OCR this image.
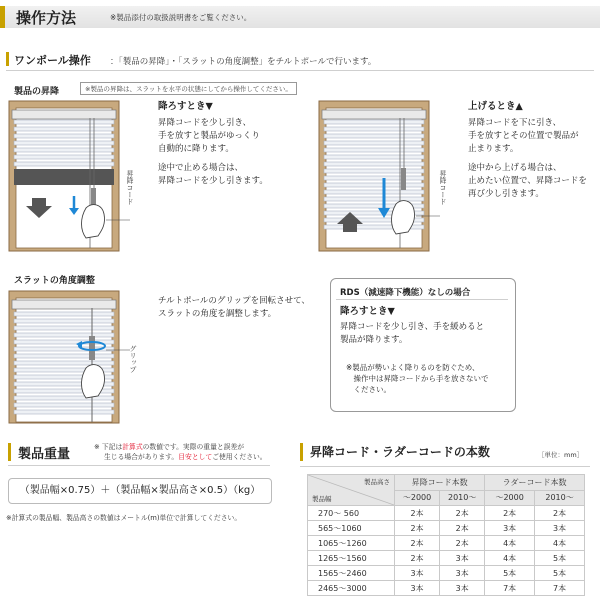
操作方法	※製品添付の取扱説明書をご覧ください。
ワンポール操作 ：「製品の昇降」・「スラットの角度調整」をチルトポールで行います。
製品の昇降	※製品の昇降は、スラットを水平の状態にしてから操作してください。
昇降コード
降ろすとき▼
昇降コードを少し引き、
手を放すと製品がゆっくり
自動的に降ります。
途中で止める場合は、
昇降コードを少し引きます。	昇降コード
上げるとき▲
昇降コードを下に引き、
手を放すとその位置で製品が
止まります。
途中から上げる場合は、
止めたい位置で、昇降コードを
再び少し引きます。
スラットの角度調整
グリップ
チルトポールのグリップを回転させて、
スラットの角度を調整します。
RDS（減速降下機能）なしの場合
降ろすとき▼
昇降コードを少し引き、手を緩めると
製品が降ります。
※製品が勢いよく降りるのを防ぐため、
　操作中は昇降コードから手を放さないで
　ください。
製品重量	※ 下記は計算式の数値です。実際の重量と誤差が
生じる場合があります。目安としてご使用ください。
（製品幅×0.75）＋（製品幅×製品高さ×0.5）（kg）
※計算式の製品幅、製品高さの数値はメートル(m)単位で計算してください。
昇降コード・ラダーコードの本数	［単位：mm］
製品高さ
製品幅	昇降コード本数		ラダーコード本数	
	～2000	2010～	～2000	2010～
270～ 560	2本	2本	2本	2本
565～1060	2本	2本	3本	3本
1065～1260	2本	2本	4本	4本
1265～1560	2本	3本	4本	5本
1565～2460	3本	3本	5本	5本
2465～3000	3本	3本	7本	7本
